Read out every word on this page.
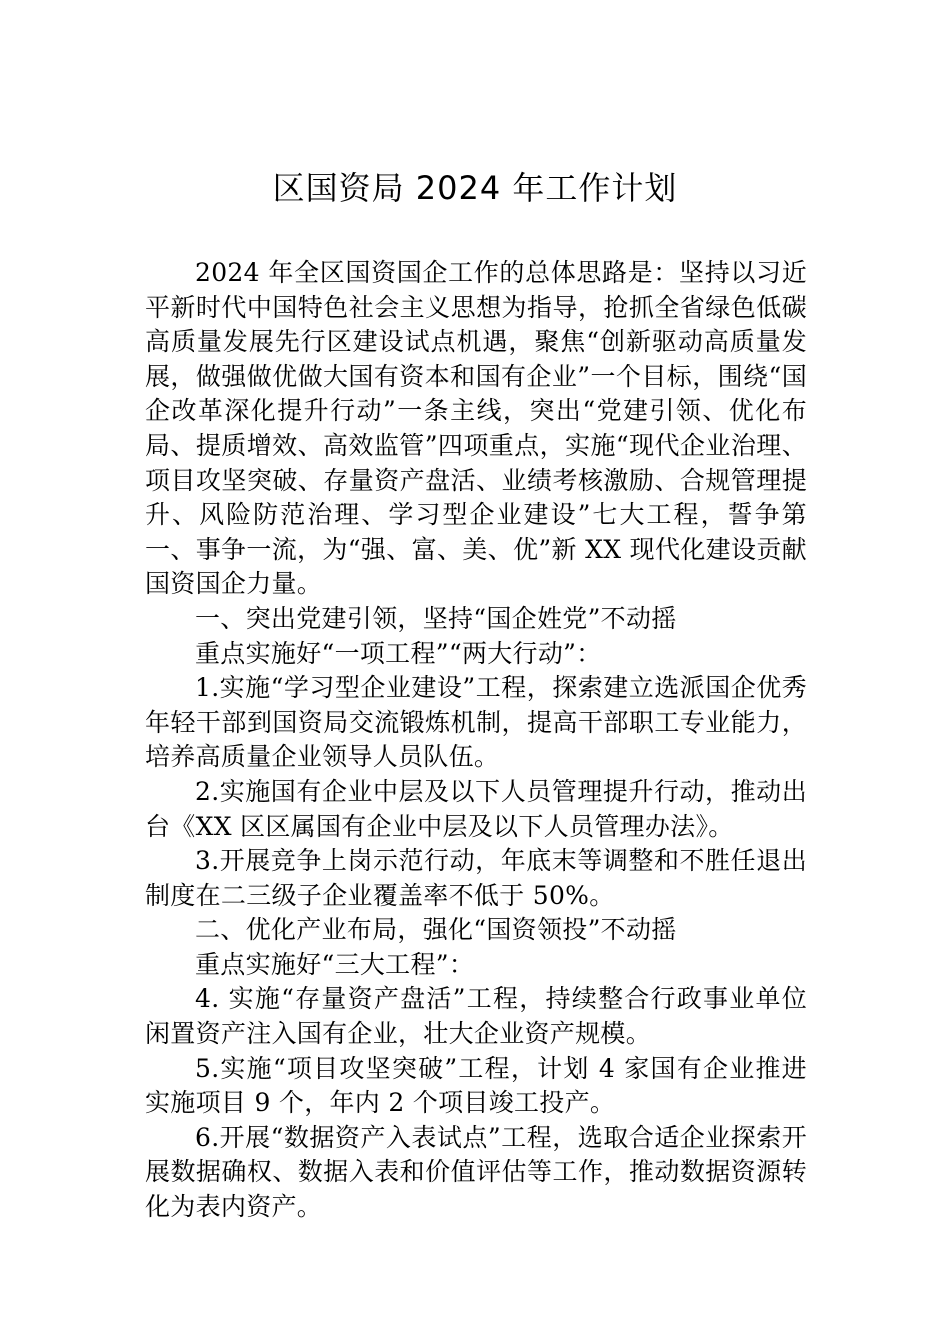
区国资局 2024 年工作计划

2024 年全区国资国企工作的总体思路是：坚持以习近平新时代中国特色社会主义思想为指导，抢抓全省绿色低碳高质量发展先行区建设试点机遇，聚焦“创新驱动高质量发展，做强做优做大国有资本和国有企业”一个目标，围绕“国企改革深化提升行动”一条主线，突出“党建引领、优化布局、提质增效、高效监管”四项重点，实施“现代企业治理、项目攻坚突破、存量资产盘活、业绩考核激励、合规管理提升、风险防范治理、学习型企业建设”七大工程，誓争第一、事争一流，为“强、富、美、优”新 XX 现代化建设贡献国资国企力量。

一、突出党建引领，坚持“国企姓党”不动摇

重点实施好“一项工程”“两大行动”：

1.实施“学习型企业建设”工程，探索建立选派国企优秀年轻干部到国资局交流锻炼机制，提高干部职工专业能力，培养高质量企业领导人员队伍。

2.实施国有企业中层及以下人员管理提升行动，推动出台《XX 区区属国有企业中层及以下人员管理办法》。

3.开展竞争上岗示范行动，年底末等调整和不胜任退出制度在二三级子企业覆盖率不低于 50%。

二、优化产业布局，强化“国资领投”不动摇

重点实施好“三大工程”：

4. 实施“存量资产盘活”工程，持续整合行政事业单位闲置资产注入国有企业，壮大企业资产规模。

5.实施“项目攻坚突破”工程，计划 4 家国有企业推进实施项目 9 个，年内 2 个项目竣工投产。

6.开展“数据资产入表试点”工程，选取合适企业探索开展数据确权、数据入表和价值评估等工作，推动数据资源转化为表内资产。
